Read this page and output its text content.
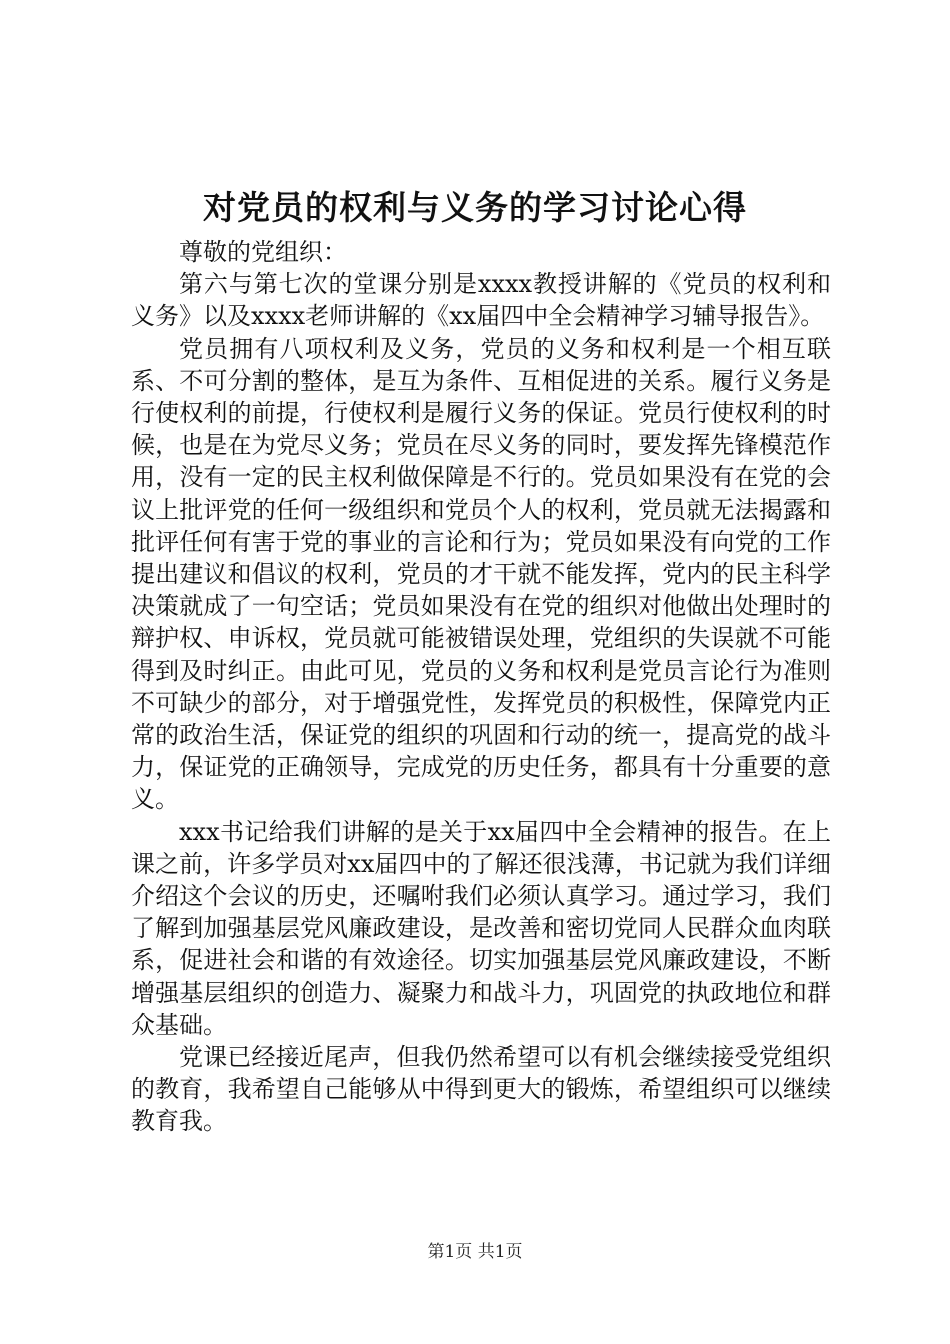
对党员的权利与义务的学习讨论心得

尊敬的党组织：

第六与第七次的堂课分别是xxxx教授讲解的《党员的权利和义务》以及xxxx老师讲解的《xx届四中全会精神学习辅导报告》。

党员拥有八项权利及义务，党员的义务和权利是一个相互联系、不可分割的整体，是互为条件、互相促进的关系。履行义务是行使权利的前提，行使权利是履行义务的保证。党员行使权利的时候，也是在为党尽义务；党员在尽义务的同时，要发挥先锋模范作用，没有一定的民主权利做保障是不行的。党员如果没有在党的会议上批评党的任何一级组织和党员个人的权利，党员就无法揭露和批评任何有害于党的事业的言论和行为；党员如果没有向党的工作提出建议和倡议的权利，党员的才干就不能发挥，党内的民主科学决策就成了一句空话；党员如果没有在党的组织对他做出处理时的辩护权、申诉权，党员就可能被错误处理，党组织的失误就不可能得到及时纠正。由此可见，党员的义务和权利是党员言论行为准则不可缺少的部分，对于增强党性，发挥党员的积极性，保障党内正常的政治生活，保证党的组织的巩固和行动的统一，提高党的战斗力，保证党的正确领导，完成党的历史任务，都具有十分重要的意义。

xxx书记给我们讲解的是关于xx届四中全会精神的报告。在上课之前，许多学员对xx届四中的了解还很浅薄，书记就为我们详细介绍这个会议的历史，还嘱咐我们必须认真学习。通过学习，我们了解到加强基层党风廉政建设，是改善和密切党同人民群众血肉联系，促进社会和谐的有效途径。切实加强基层党风廉政建设，不断增强基层组织的创造力、凝聚力和战斗力，巩固党的执政地位和群众基础。

党课已经接近尾声，但我仍然希望可以有机会继续接受党组织的教育，我希望自己能够从中得到更大的锻炼，希望组织可以继续教育我。

第1页 共1页
